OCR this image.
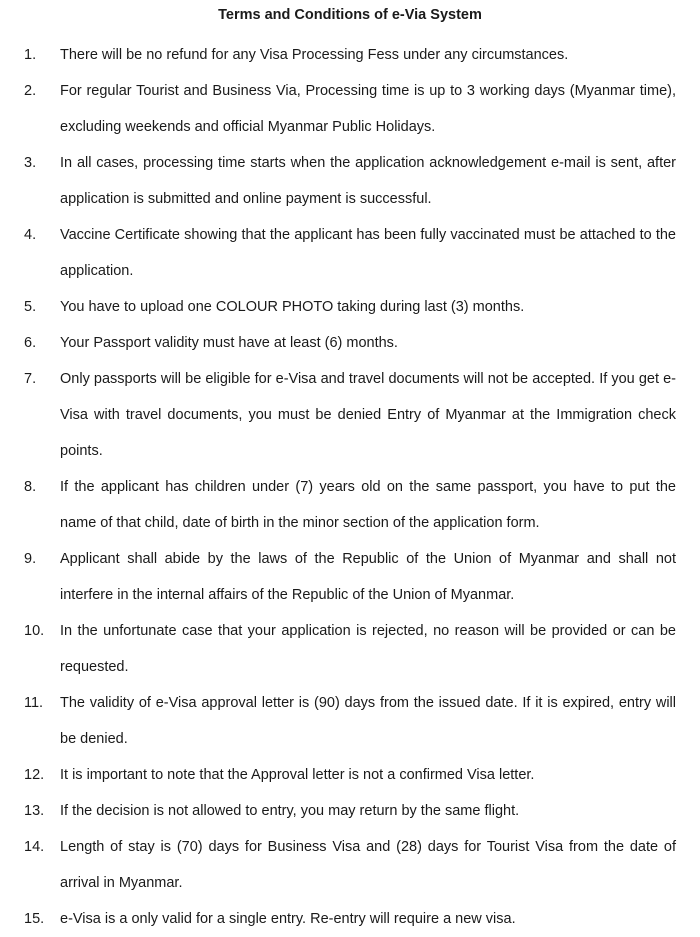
Terms and Conditions of e-Via System
1.	There will be no refund for any Visa Processing Fess under any circumstances.
2.	For regular Tourist and Business Via, Processing time is up to 3 working days (Myanmar time), excluding weekends and official Myanmar Public Holidays.
3.	In all cases, processing time starts when the application acknowledgement e-mail is sent, after application is submitted and online payment is successful.
4.	Vaccine Certificate showing that the applicant has been fully vaccinated must be attached to the application.
5.	You have to upload one COLOUR PHOTO taking during last (3) months.
6.	Your Passport validity must have at least (6) months.
7.	Only passports will be eligible for e-Visa and travel documents will not be accepted. If you get e-Visa with travel documents, you must be denied Entry of Myanmar at the Immigration check points.
8.	If the applicant has children under (7) years old on the same passport, you have to put the name of that child, date of birth in the minor section of the application form.
9.	Applicant shall abide by the laws of the Republic of the Union of Myanmar and shall not interfere in the internal affairs of the Republic of the Union of Myanmar.
10.	In the unfortunate case that your application is rejected, no reason will be provided or can be requested.
11.	The validity of e-Visa approval letter is (90) days from the issued date. If it is expired, entry will be denied.
12.	It is important to note that the Approval letter is not a confirmed Visa letter.
13.	If the decision is not allowed to entry, you may return by the same flight.
14.	Length of stay is (70) days for Business Visa and (28) days for Tourist Visa from the date of arrival in Myanmar.
15.	e-Visa is a only valid for a single entry. Re-entry will require a new visa.
